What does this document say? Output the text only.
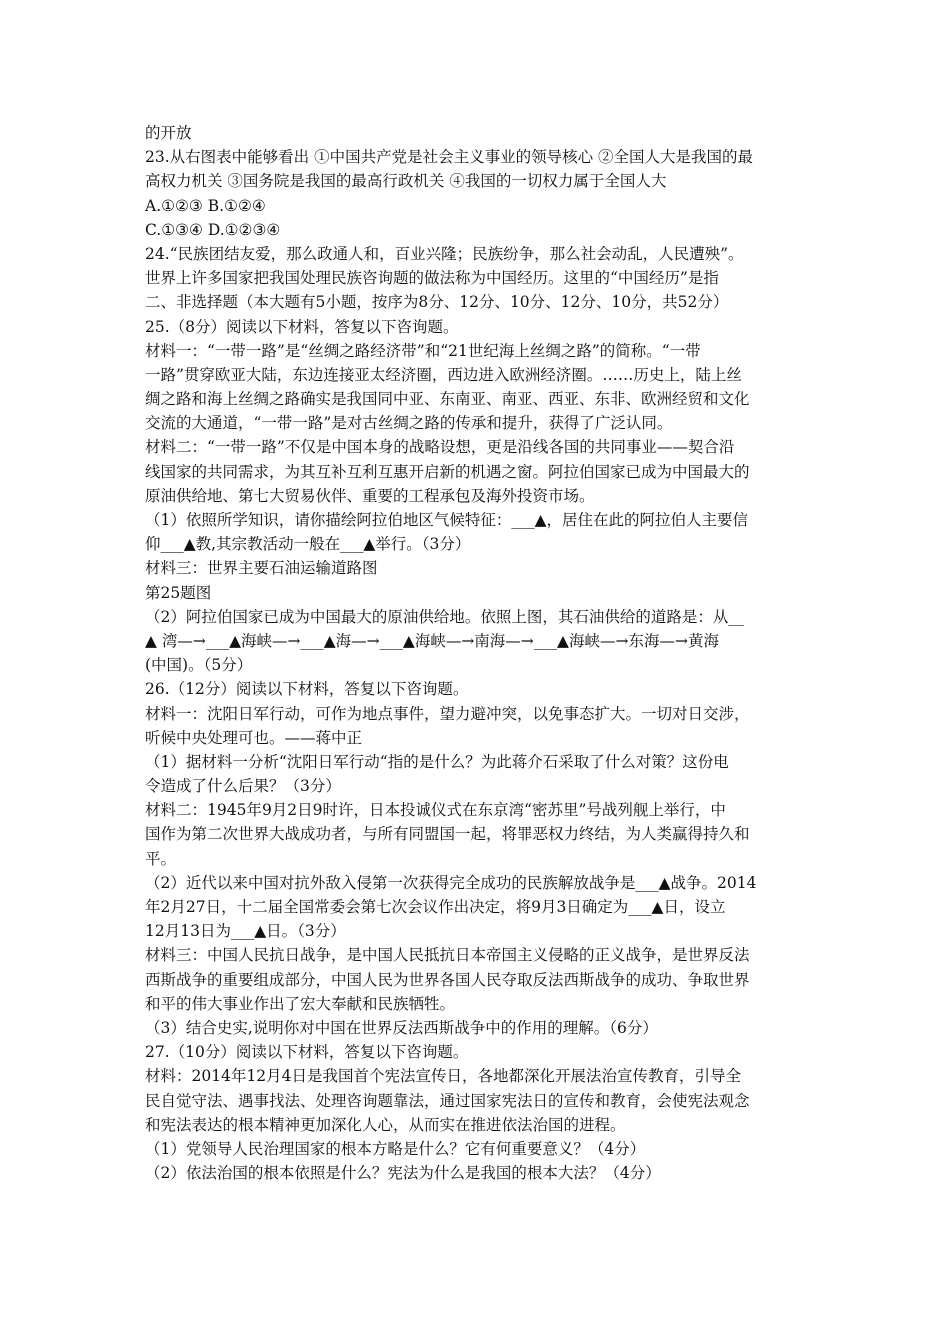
的开放
23.从右图表中能够看出 ①中国共产党是社会主义事业的领导核心 ②全国人大是我国的最
高权力机关 ③国务院是我国的最高行政机关 ④我国的一切权力属于全国人大
A.①②③ B.①②④
C.①③④ D.①②③④
24.“民族团结友爱，那么政通人和，百业兴隆；民族纷争，那么社会动乱，人民遭殃”。
世界上许多国家把我国处理民族咨询题的做法称为中国经历。这里的“中国经历”是指
二、非选择题（本大题有5小题，按序为8分、12分、10分、12分、10分，共52分）
25.（8分）阅读以下材料，答复以下咨询题。
材料一：“一带一路”是“丝绸之路经济带”和“21世纪海上丝绸之路”的简称。“一带
一路”贯穿欧亚大陆，东边连接亚太经济圈，西边进入欧洲经济圈。……历史上，陆上丝
绸之路和海上丝绸之路确实是我国同中亚、东南亚、南亚、西亚、东非、欧洲经贸和文化
交流的大通道，“一带一路”是对古丝绸之路的传承和提升，获得了广泛认同。
材料二：“一带一路”不仅是中国本身的战略设想，更是沿线各国的共同事业——契合沿
线国家的共同需求，为其互补互利互惠开启新的机遇之窗。阿拉伯国家已成为中国最大的
原油供给地、第七大贸易伙伴、重要的工程承包及海外投资市场。
（1）依照所学知识，请你描绘阿拉伯地区气候特征：___▲，居住在此的阿拉伯人主要信
仰___▲教,其宗教活动一般在___▲举行。（3分）
材料三：世界主要石油运输道路图
第25题图
（2）阿拉伯国家已成为中国最大的原油供给地。依照上图，其石油供给的道路是：从__
▲ 湾—→___▲海峡—→___▲海—→___▲海峡—→南海—→___▲海峡—→东海—→黄海
(中国)。（5分）
26.（12分）阅读以下材料，答复以下咨询题。
材料一：沈阳日军行动，可作为地点事件，望力避冲突，以免事态扩大。一切对日交涉，
听候中央处理可也。——蒋中正
（1）据材料一分析“沈阳日军行动“指的是什么？为此蒋介石采取了什么对策？这份电
令造成了什么后果？（3分）
材料二：1945年9月2日9时许，日本投诚仪式在东京湾“密苏里”号战列舰上举行，中
国作为第二次世界大战成功者，与所有同盟国一起，将罪恶权力终结，为人类赢得持久和
平。
（2）近代以来中国对抗外敌入侵第一次获得完全成功的民族解放战争是___▲战争。2014
年2月27日，十二届全国常委会第七次会议作出决定，将9月3日确定为___▲日，设立
12月13日为___▲日。（3分）
材料三：中国人民抗日战争，是中国人民抵抗日本帝国主义侵略的正义战争，是世界反法
西斯战争的重要组成部分，中国人民为世界各国人民夺取反法西斯战争的成功、争取世界
和平的伟大事业作出了宏大奉献和民族牺牲。
（3）结合史实,说明你对中国在世界反法西斯战争中的作用的理解。（6分）
27.（10分）阅读以下材料，答复以下咨询题。
材料：2014年12月4日是我国首个宪法宣传日，各地都深化开展法治宣传教育，引导全
民自觉守法、遇事找法、处理咨询题靠法，通过国家宪法日的宣传和教育，会使宪法观念
和宪法表达的根本精神更加深化人心，从而实在推进依法治国的进程。
（1）党领导人民治理国家的根本方略是什么？它有何重要意义？（4分）
（2）依法治国的根本依照是什么？宪法为什么是我国的根本大法？（4分）
